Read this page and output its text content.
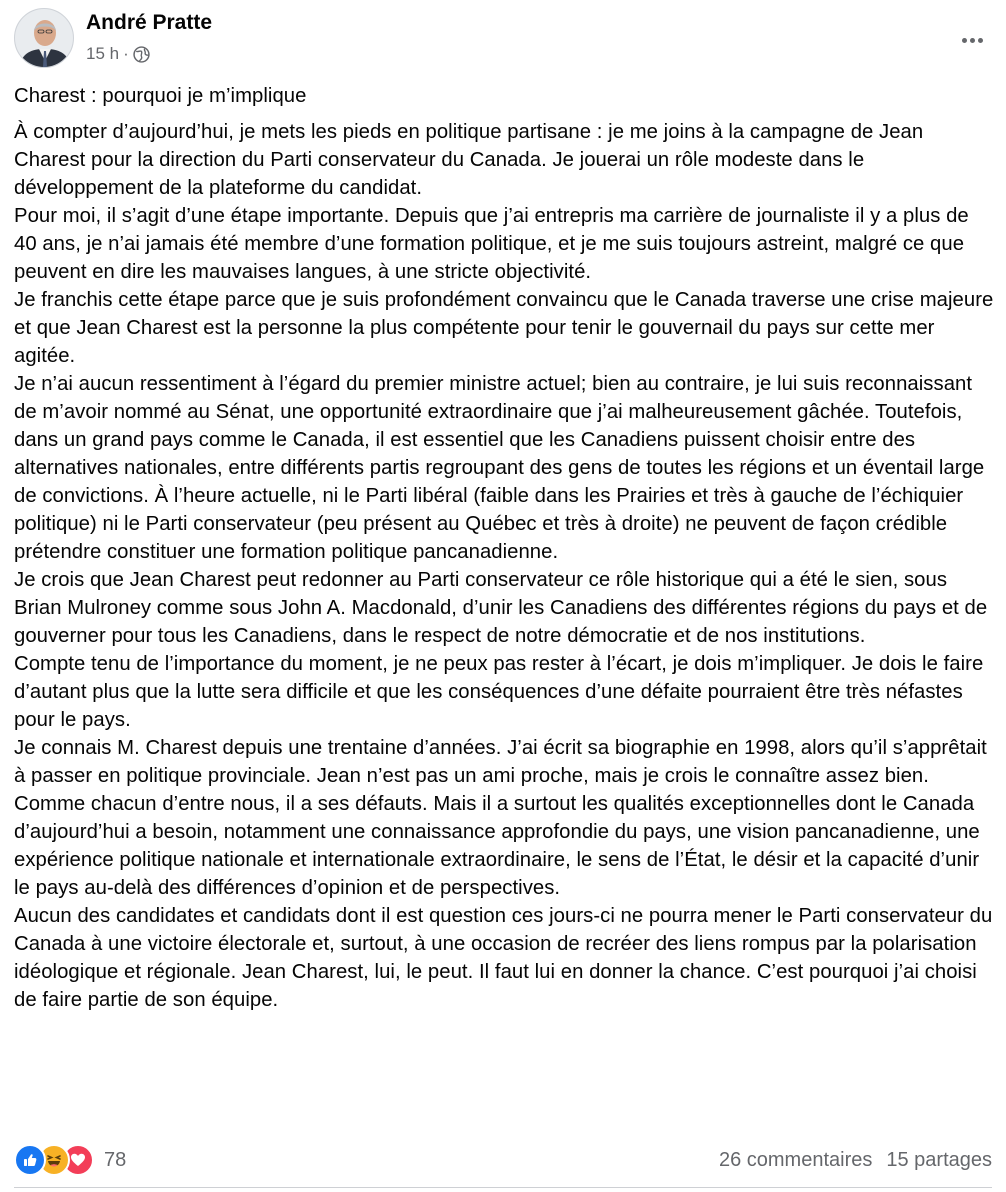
André Pratte
15 h ·

Charest : pourquoi je m’implique

À compter d’aujourd’hui, je mets les pieds en politique partisane : je me joins à la campagne de Jean Charest pour la direction du Parti conservateur du Canada. Je jouerai un rôle modeste dans le développement de la plateforme du candidat.

Pour moi, il s’agit d’une étape importante. Depuis que j’ai entrepris ma carrière de journaliste il y a plus de 40 ans, je n’ai jamais été membre d’une formation politique, et je me suis toujours astreint, malgré ce que peuvent en dire les mauvaises langues, à une stricte objectivité.

Je franchis cette étape parce que je suis profondément convaincu que le Canada traverse une crise majeure et que Jean Charest est la personne la plus compétente pour tenir le gouvernail du pays sur cette mer agitée.

Je n’ai aucun ressentiment à l’égard du premier ministre actuel; bien au contraire, je lui suis reconnaissant de m’avoir nommé au Sénat, une opportunité extraordinaire que j’ai malheureusement gâchée. Toutefois, dans un grand pays comme le Canada, il est essentiel que les Canadiens puissent choisir entre des alternatives nationales, entre différents partis regroupant des gens de toutes les régions et un éventail large de convictions. À l’heure actuelle, ni le Parti libéral (faible dans les Prairies et très à gauche de l’échiquier politique) ni le Parti conservateur (peu présent au Québec et très à droite) ne peuvent de façon crédible prétendre constituer une formation politique pancanadienne.

Je crois que Jean Charest peut redonner au Parti conservateur ce rôle historique qui a été le sien, sous Brian Mulroney comme sous John A. Macdonald, d’unir les Canadiens des différentes régions du pays et de gouverner pour tous les Canadiens, dans le respect de notre démocratie et de nos institutions.

Compte tenu de l’importance du moment, je ne peux pas rester à l’écart, je dois m’impliquer. Je dois le faire d’autant plus que la lutte sera difficile et que les conséquences d’une défaite pourraient être très néfastes pour le pays.

Je connais M. Charest depuis une trentaine d’années. J’ai écrit sa biographie en 1998, alors qu’il s’apprêtait à passer en politique provinciale. Jean n’est pas un ami proche, mais je crois le connaître assez bien. Comme chacun d’entre nous, il a ses défauts. Mais il a surtout les qualités exceptionnelles dont le Canada d’aujourd’hui a besoin, notamment une connaissance approfondie du pays, une vision pancanadienne, une expérience politique nationale et internationale extraordinaire, le sens de l’État, le désir et la capacité d’unir le pays au-delà des différences d’opinion et de perspectives.

Aucun des candidates et candidats dont il est question ces jours-ci ne pourra mener le Parti conservateur du Canada à une victoire électorale et, surtout, à une occasion de recréer des liens rompus par la polarisation idéologique et régionale. Jean Charest, lui, le peut. Il faut lui en donner la chance. C’est pourquoi j’ai choisi de faire partie de son équipe.

78	26 commentaires 15 partages
